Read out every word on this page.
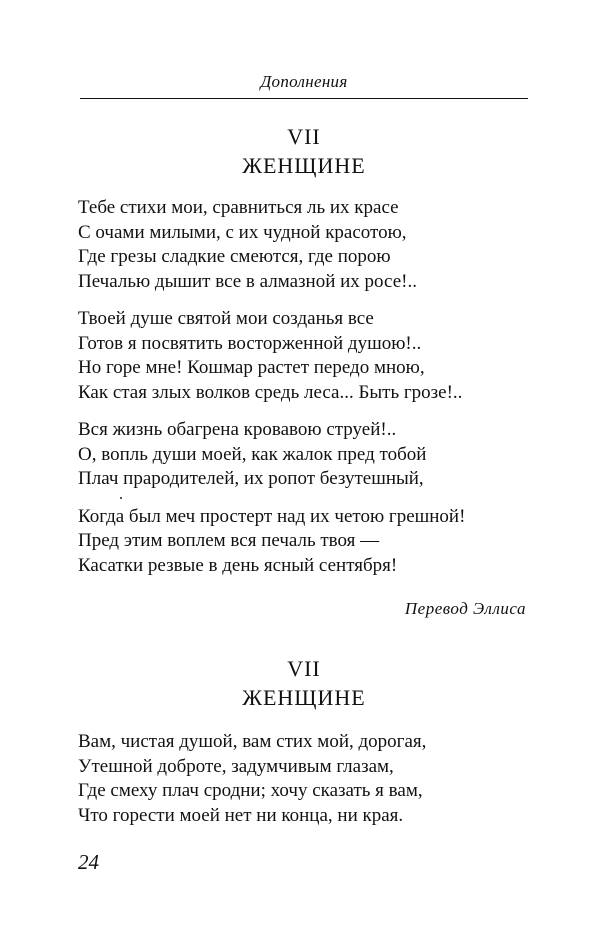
Дополнения
VII
ЖЕНЩИНЕ
Тебе стихи мои, сравниться ль их красе
С очами милыми, с их чудной красотою,
Где грезы сладкие смеются, где порою
Печалью дышит все в алмазной их росе!..
Твоей душе святой мои созданья все
Готов я посвятить восторженной душою!..
Но горе мне! Кошмар растет передо мною,
Как стая злых волков средь леса... Быть грозе!..
Вся жизнь обагрена кровавою струей!..
О, вопль души моей, как жалок пред тобой
Плач прародителей, их ропот безутешный,
Когда был меч простерт над их четою грешной!
Пред этим воплем вся печаль твоя —
Касатки резвые в день ясный сентября!
Перевод Эллиса
VII
ЖЕНЩИНЕ
Вам, чистая душой, вам стих мой, дорогая,
Утешной доброте, задумчивым глазам,
Где смеху плач сродни; хочу сказать я вам,
Что горести моей нет ни конца, ни края.
24
